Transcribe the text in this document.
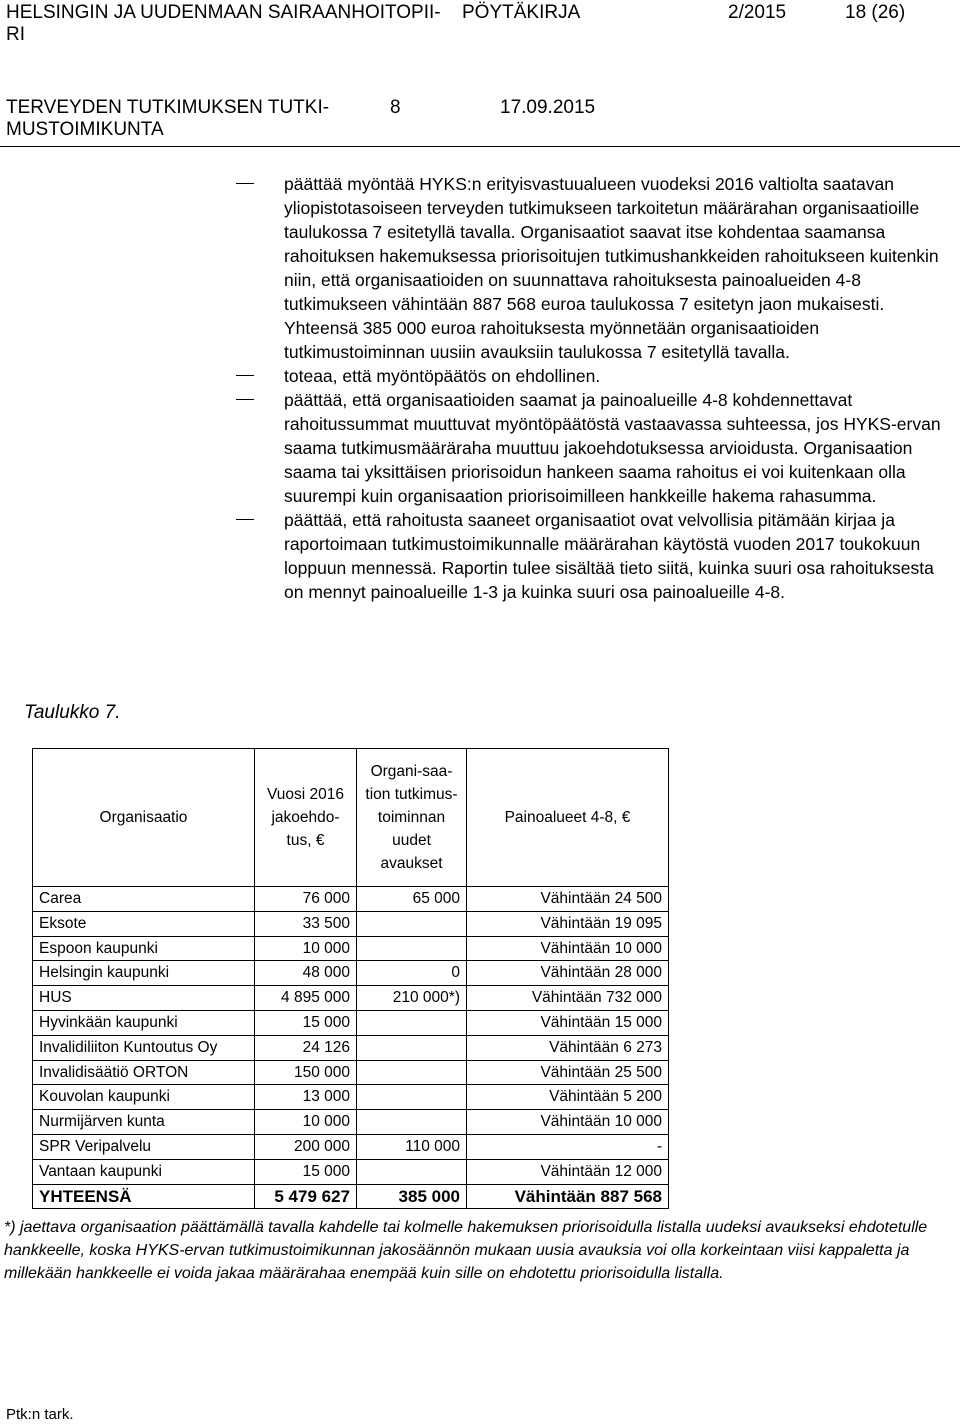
HELSINGIN JA UUDENMAAN SAIRAANHOITOPII-
RI
PÖYTÄKIRJA	2/2015	18 (26)
TERVEYDEN TUTKIMUKSEN TUTKI-
MUSTOIMIKUNTA
8	17.09.2015
päättää myöntää HYKS:n erityisvastuualueen vuodeksi 2016 valtiolta saatavan yliopistotasoiseen terveyden tutkimukseen tarkoitetun määrärahan organisaatioille taulukossa 7 esitetyllä tavalla. Organisaatiot saavat itse kohdentaa saamansa rahoituksen hakemuksessa priorisoitujen tutkimushankkeiden rahoitukseen kuitenkin niin, että organisaatioiden on suunnattava rahoituksesta painoalueiden 4-8 tutkimukseen vähintään 887 568 euroa taulukossa 7 esitetyn jaon mukaisesti. Yhteensä 385 000 euroa rahoituksesta myönnetään organisaatioiden tutkimustoiminnan uusiin avauksiin taulukossa 7 esitetyllä tavalla.
toteaa, että myöntöpäätös on ehdollinen.
päättää, että organisaatioiden saamat ja painoalueille 4-8 kohdennettavat rahoitussummat muuttuvat myöntöpäätöstä vastaavassa suhteessa, jos HYKS-ervan saama tutkimusmääräraha muuttuu jakoehdotuksessa arvioidusta. Organisaation saama tai yksittäisen priorisoidun hankeen saama rahoitus ei voi kuitenkaan olla suurempi kuin organisaation priorisoimilleen hankkeille hakema rahasumma.
päättää, että rahoitusta saaneet organisaatiot ovat velvollisia pitämään kirjaa ja raportoimaan tutkimustoimikunnalle määrärahan käytöstä vuoden 2017 toukokuun loppuun mennessä. Raportin tulee sisältää tieto siitä, kuinka suuri osa rahoituksesta on mennyt painoalueille 1-3 ja kuinka suuri osa painoalueille 4-8.
Taulukko 7.
Organisaatio	Vuosi 2016 jakoehdo-tus, €	Organi-saa-tion tutkimus-toiminnan uudet avaukset	Painoalueet 4-8, €
Carea	76 000	65 000	Vähintään 24 500
Eksote	33 500		Vähintään 19 095
Espoon kaupunki	10 000		Vähintään 10 000
Helsingin kaupunki	48 000	0	Vähintään 28 000
HUS	4 895 000	210 000*)	Vähintään 732 000
Hyvinkään kaupunki	15 000		Vähintään 15 000
Invalidiliiton Kuntoutus Oy	24 126		Vähintään 6 273
Invalidisäätiö ORTON	150 000		Vähintään 25 500
Kouvolan kaupunki	13 000		Vähintään 5 200
Nurmijärven kunta	10 000		Vähintään 10 000
SPR Veripalvelu	200 000	110 000	-
Vantaan kaupunki	15 000		Vähintään 12 000
YHTEENSÄ	5 479 627	385 000	Vähintään 887 568
*) jaettava organisaation päättämällä tavalla kahdelle tai kolmelle hakemuksen priorisoidulla listalla uudeksi avaukseksi ehdotetulle hankkeelle, koska HYKS-ervan tutkimustoimikunnan jakosäännön mukaan uusia avauksia voi olla korkeintaan viisi kappaletta ja millekään hankkeelle ei voida jakaa määrärahaa enempää kuin sille on ehdotettu priorisoidulla listalla.
Ptk:n tark.
